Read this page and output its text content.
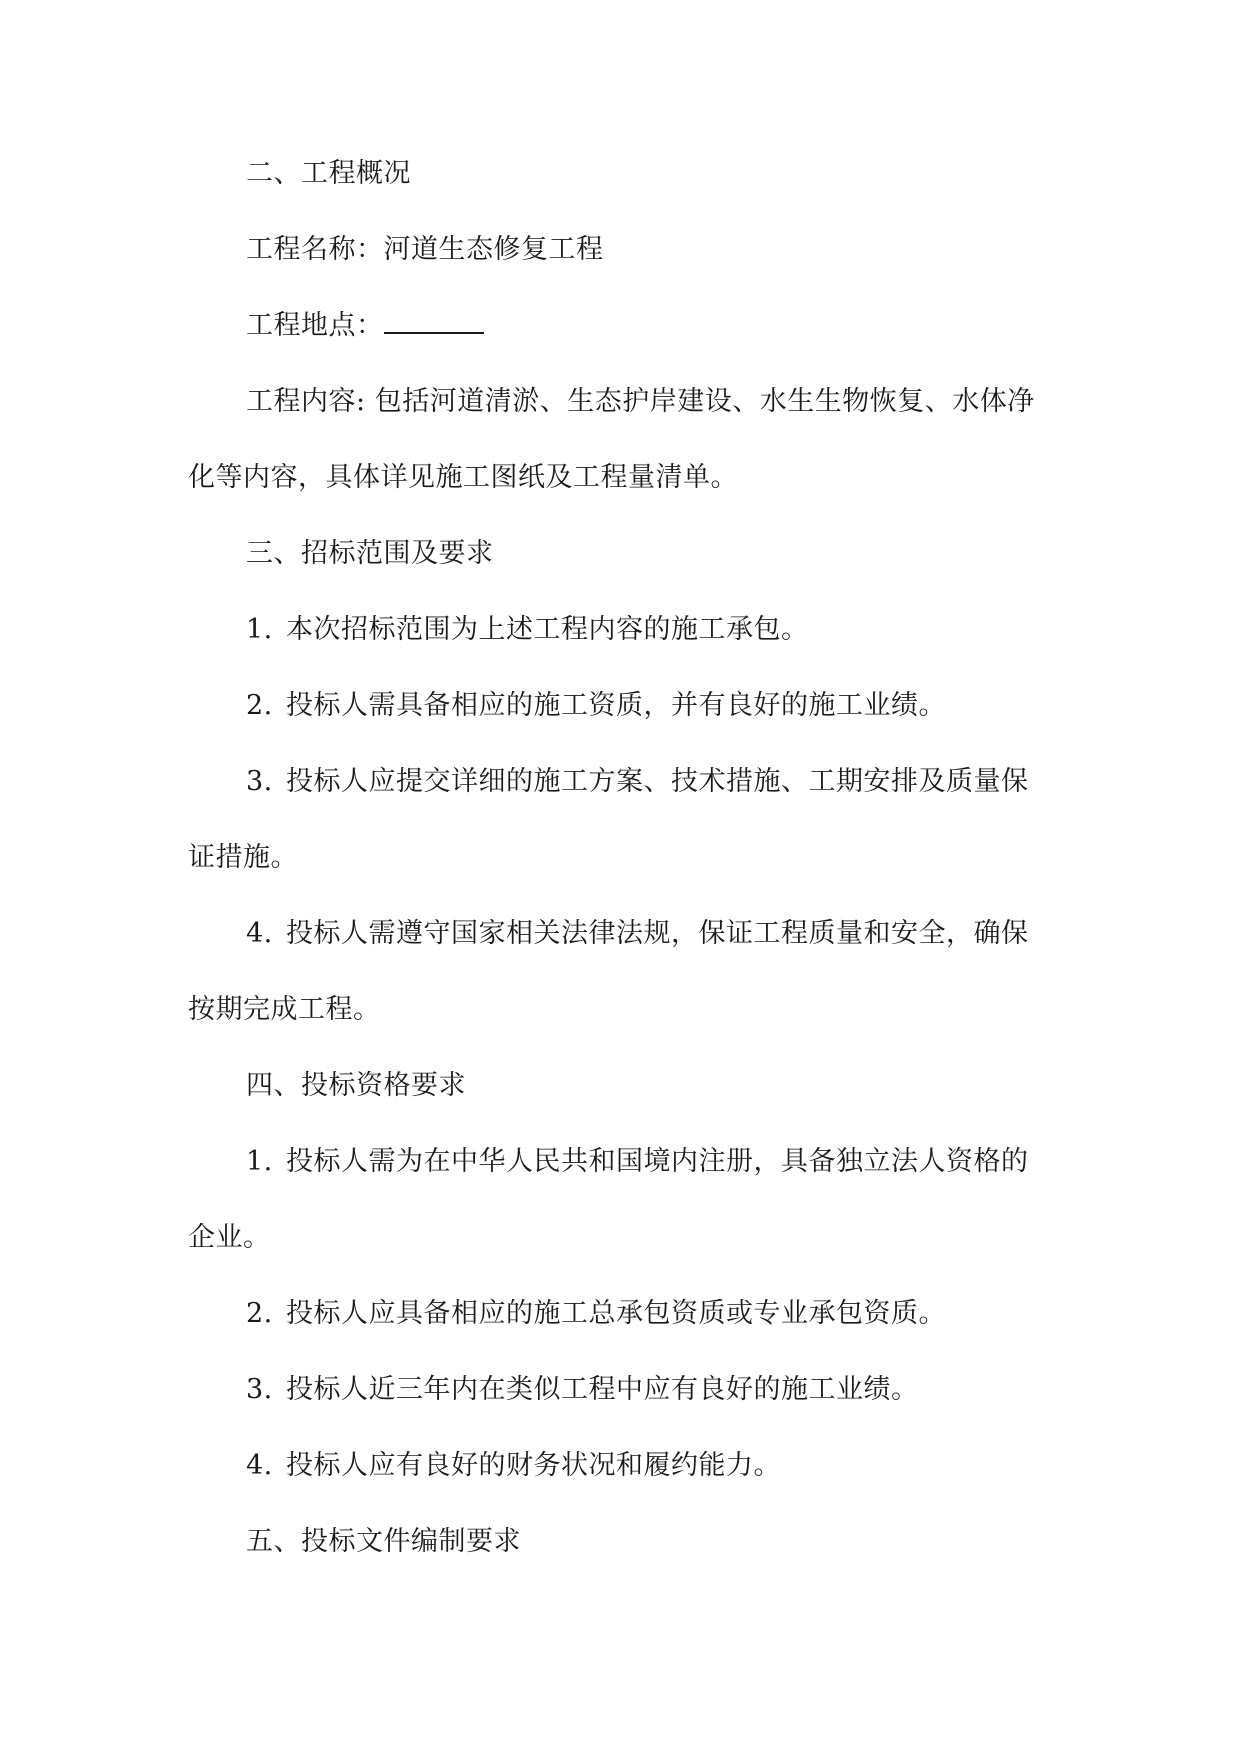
二、工程概况

工程名称：河道生态修复工程

工程地点：

工程内容: 包括河道清淤、生态护岸建设、水生生物恢复、水体净化等内容，具体详见施工图纸及工程量清单。

三、招标范围及要求

1. 本次招标范围为上述工程内容的施工承包。

2. 投标人需具备相应的施工资质，并有良好的施工业绩。

3. 投标人应提交详细的施工方案、技术措施、工期安排及质量保证措施。

4. 投标人需遵守国家相关法律法规，保证工程质量和安全，确保按期完成工程。

四、投标资格要求

1. 投标人需为在中华人民共和国境内注册，具备独立法人资格的企业。

2. 投标人应具备相应的施工总承包资质或专业承包资质。

3. 投标人近三年内在类似工程中应有良好的施工业绩。

4. 投标人应有良好的财务状况和履约能力。

五、投标文件编制要求
